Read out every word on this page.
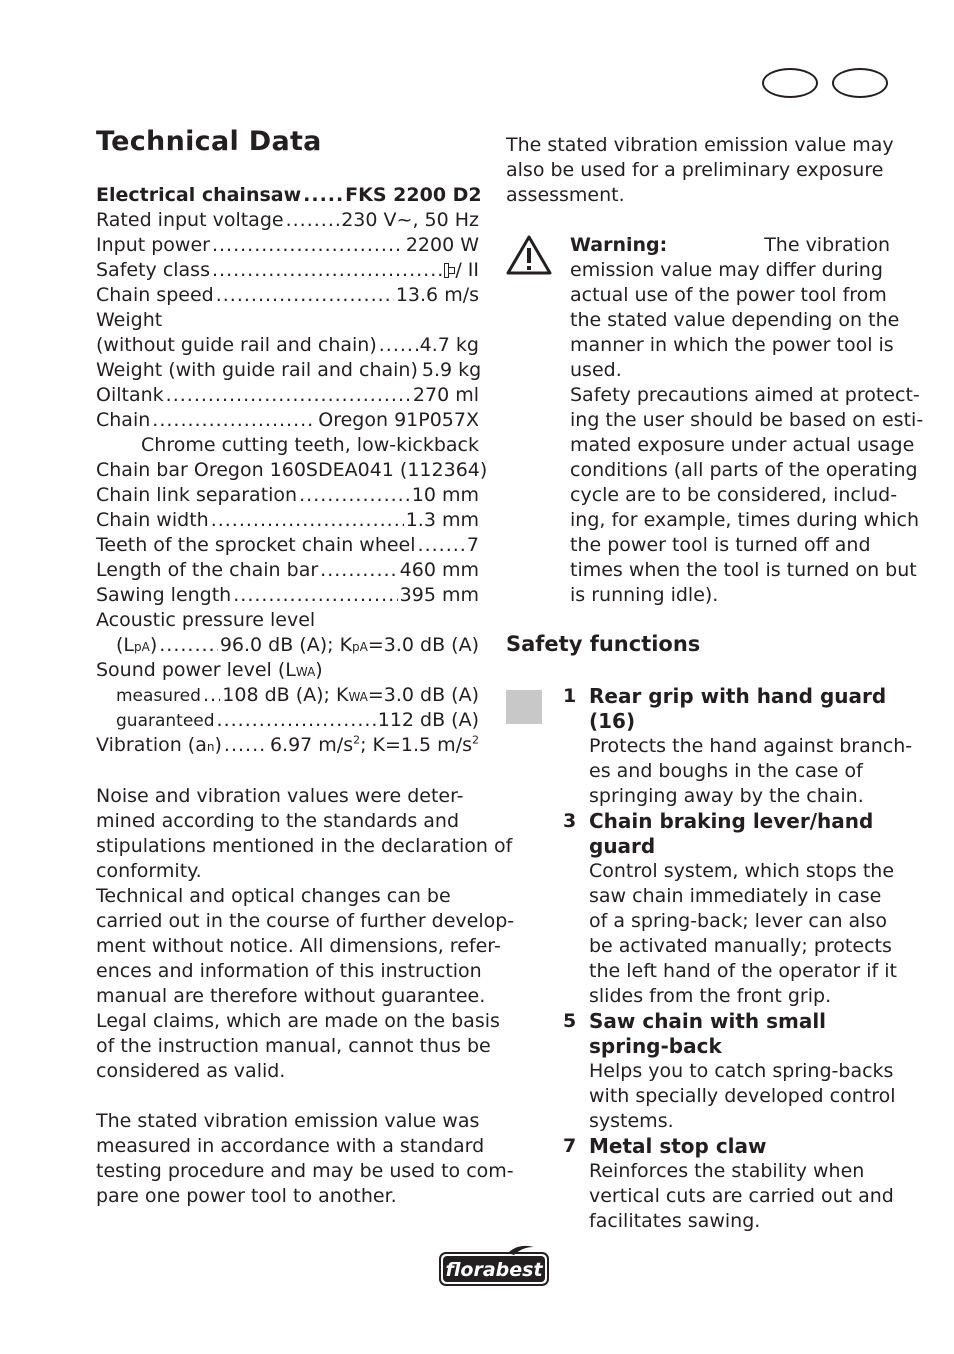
Technical Data
Electrical chainsaw ..... FKS 2200 D2
Rated input voltage .....	230 V~, 50 Hz
Input power .....	2200 W
Safety class .....	/ II
Chain speed .....	13.6 m/s
Weight
(without guide rail and chain) ..... 4.7 kg
Weight (with guide rail and chain) 5.9 kg
Oiltank .....	270 ml
Chain .....	Oregon 91P057X
Chrome cutting teeth, low-kickback
Chain bar Oregon 160SDEA041 (112364)
Chain link separation .....	10 mm
Chain width .....	1.3 mm
Teeth of the sprocket chain wheel .....	7
Length of the chain bar .....	460 mm
Sawing length .....	395 mm
Acoustic pressure level
(LpA) .....	96.0 dB (A); KpA=3.0 dB (A)
Sound power level (LWA)
measured ..... 108 dB (A); KWA=3.0 dB (A)
guaranteed .....	112 dB (A)
Vibration (an) .....	6.97 $m/s^2$; K=1.5 $m/s^2$
Noise and vibration values were deter-
mined according to the standards and
stipulations mentioned in the declaration of
conformity.
Technical and optical changes can be
carried out in the course of further develop-
ment without notice. All dimensions, refer-
ences and information of this instruction
manual are therefore without guarantee.
Legal claims, which are made on the basis
of the instruction manual, cannot thus be
considered as valid.
The stated vibration emission value was
measured in accordance with a standard
testing procedure and may be used to com-
pare one power tool to another.
The stated vibration emission value may
also be used for a preliminary exposure
assessment.
Warning:	The vibration
emission value may differ during
actual use of the power tool from
the stated value depending on the
manner in which the power tool is
used.
Safety precautions aimed at protect-
ing the user should be based on esti-
mated exposure under actual usage
conditions (all parts of the operating
cycle are to be considered, includ-
ing, for example, times during which
the power tool is turned off and
times when the tool is turned on but
is running idle).
Safety functions
1 Rear grip with hand guard
(16)
Protects the hand against branch-
es and boughs in the case of
springing away by the chain.
3 Chain braking lever/hand
guard
Control system, which stops the
saw chain immediately in case
of a spring-back; lever can also
be activated manually; protects
the left hand of the operator if it
slides from the front grip.
5 Saw chain with small
spring-back
Helps you to catch spring-backs
with specially developed control
systems.
7 Metal stop claw
Reinforces the stability when
vertical cuts are carried out and
facilitates sawing.
florabest
